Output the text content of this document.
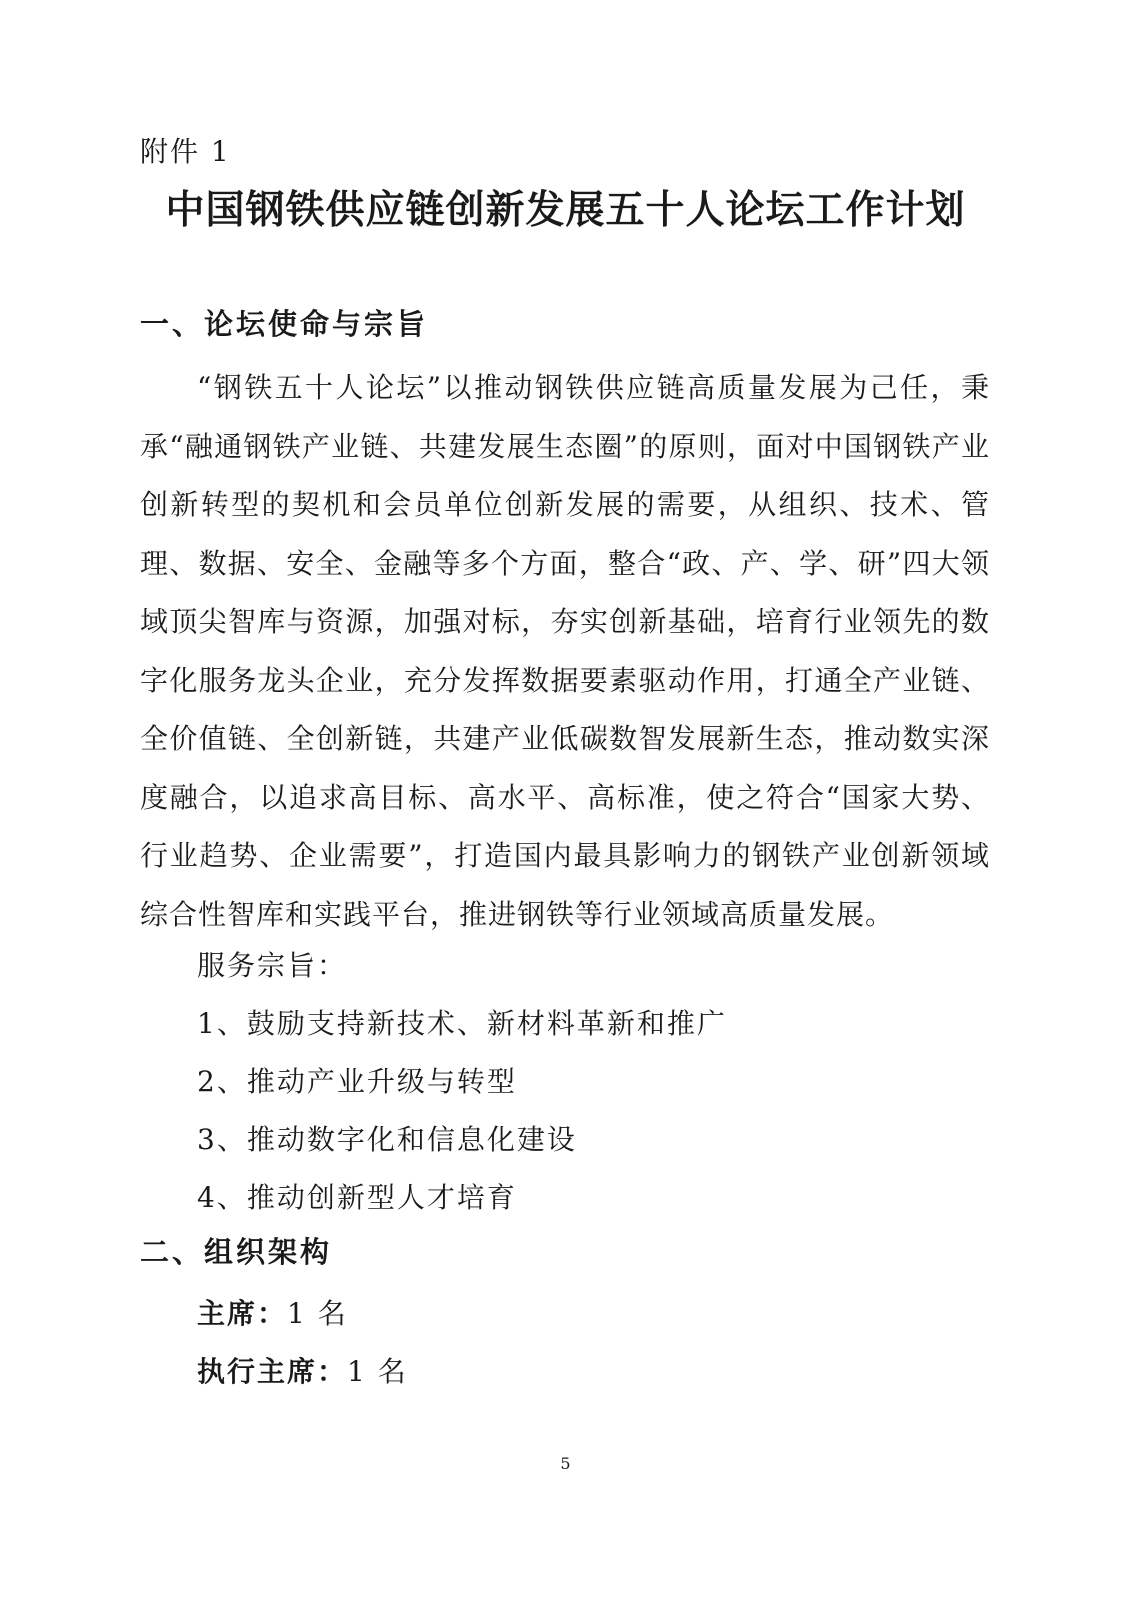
附件 1
中国钢铁供应链创新发展五十人论坛工作计划
一、论坛使命与宗旨

“钢铁五十人论坛”以推动钢铁供应链高质量发展为己任，秉承“融通钢铁产业链、共建发展生态圈”的原则，面对中国钢铁产业创新转型的契机和会员单位创新发展的需要，从组织、技术、管理、数据、安全、金融等多个方面，整合“政、产、学、研”四大领域顶尖智库与资源，加强对标，夯实创新基础，培育行业领先的数字化服务龙头企业，充分发挥数据要素驱动作用，打通全产业链、全价值链、全创新链，共建产业低碳数智发展新生态，推动数实深度融合，以追求高目标、高水平、高标准，使之符合“国家大势、行业趋势、企业需要”，打造国内最具影响力的钢铁产业创新领域综合性智库和实践平台，推进钢铁等行业领域高质量发展。

服务宗旨：
1、鼓励支持新技术、新材料革新和推广
2、推动产业升级与转型
3、推动数字化和信息化建设
4、推动创新型人才培育
二、组织架构
主席：1 名
执行主席：1 名
5
